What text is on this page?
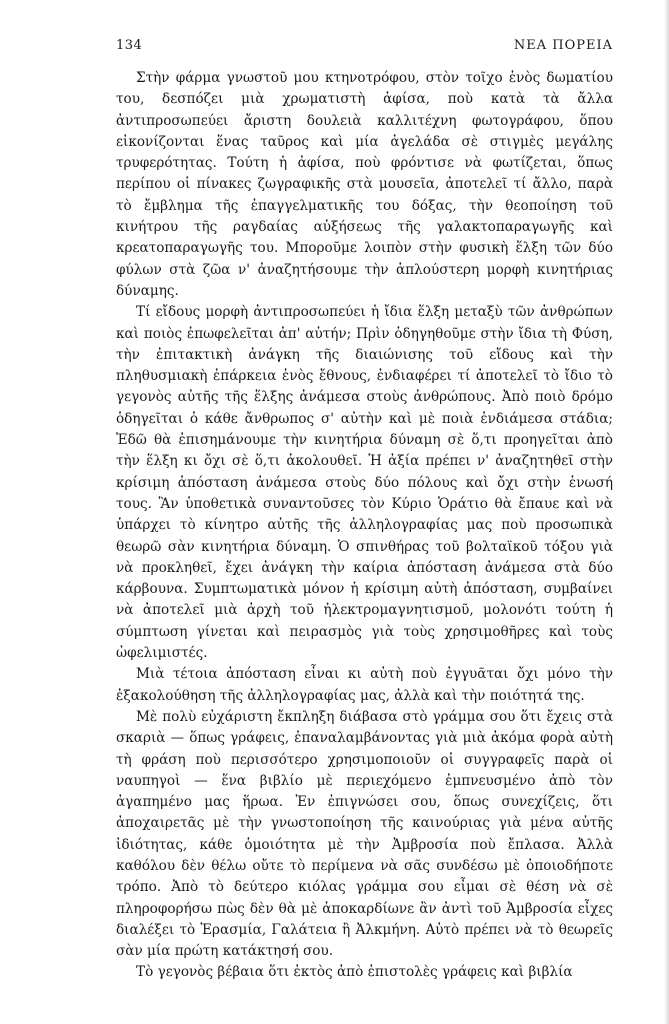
134	ΝΕΑ ΠΟΡΕΙΑ

Στὴν φάρμα γνωστοῦ μου κτηνοτρόφου, στὸν τοῖχο ἑνὸς δωματίου του, δεσπόζει μιὰ χρωματιστὴ ἀφίσα, ποὺ κατὰ τὰ ἄλλα ἀντιπροσωπεύει ἄριστη δουλειὰ καλλιτέχνη φωτογράφου, ὅπου εἰκονίζονται ἕνας ταῦρος καὶ μία ἀγελάδα σὲ στιγμὲς μεγάλης τρυφερότητας. Τούτη ἡ ἀφίσα, ποὺ φρόντισε νὰ φωτίζεται, ὅπως περίπου οἱ πίνακες ζωγραφικῆς στὰ μουσεῖα, ἀποτελεῖ τί ἄλλο, παρὰ τὸ ἔμβλημα τῆς ἐπαγγελματικῆς του δόξας, τὴν θεοποίηση τοῦ κινήτρου τῆς ραγδαίας αὐξήσεως τῆς γαλακτοπαραγωγῆς καὶ κρεατοπαραγωγῆς του. Μποροῦμε λοιπὸν στὴν φυσικὴ ἕλξη τῶν δύο φύλων στὰ ζῶα ν' ἀναζητήσουμε τὴν ἁπλούστερη μορφὴ κινητήριας δύναμης.

Τί εἴδους μορφὴ ἀντιπροσωπεύει ἡ ἴδια ἕλξη μεταξὺ τῶν ἀνθρώπων καὶ ποιὸς ἐπωφελεῖται ἀπ' αὐτήν; Πρὶν ὁδηγηθοῦμε στὴν ἴδια τὴ Φύση, τὴν ἐπιτακτικὴ ἀνάγκη τῆς διαιώνισης τοῦ εἴδους καὶ τὴν πληθυσμιακὴ ἐπάρκεια ἑνὸς ἔθνους, ἐνδιαφέρει τί ἀποτελεῖ τὸ ἴδιο τὸ γεγονὸς αὐτῆς τῆς ἕλξης ἀνάμεσα στοὺς ἀνθρώπους. Ἀπὸ ποιὸ δρόμο ὁδηγεῖται ὁ κάθε ἄνθρωπος σ' αὐτὴν καὶ μὲ ποιὰ ἐνδιάμεσα στάδια; Ἐδῶ θὰ ἐπισημάνουμε τὴν κινητήρια δύναμη σὲ ὅ,τι προηγεῖται ἀπὸ τὴν ἕλξη κι ὄχι σὲ ὅ,τι ἀκολουθεῖ. Ἡ ἀξία πρέπει ν' ἀναζητηθεῖ στὴν κρίσιμη ἀπόσταση ἀνάμεσα στοὺς δύο πόλους καὶ ὄχι στὴν ἑνωσή τους. Ἂν ὑποθετικὰ συναντοῦσες τὸν Κύριο Ὁράτιο θὰ ἔπαυε καὶ νὰ ὑπάρχει τὸ κίνητρο αὐτῆς τῆς ἀλληλογραφίας μας ποὺ προσωπικὰ θεωρῶ σὰν κινητήρια δύναμη. Ὁ σπινθήρας τοῦ βολταϊκοῦ τόξου γιὰ νὰ προκληθεῖ, ἔχει ἀνάγκη τὴν καίρια ἀπόσταση ἀνάμεσα στὰ δύο κάρβουνα. Συμπτωματικὰ μόνον ἡ κρίσιμη αὐτὴ ἀπόσταση, συμβαίνει νὰ ἀποτελεῖ μιὰ ἀρχὴ τοῦ ἠλεκτρομαγνητισμοῦ, μολονότι τούτη ἡ σύμπτωση γίνεται καὶ πειρασμὸς γιὰ τοὺς χρησιμοθῆρες καὶ τοὺς ὠφελιμιστές.

Μιὰ τέτοια ἀπόσταση εἶναι κι αὐτὴ ποὺ ἐγγυᾶται ὄχι μόνο τὴν ἐξακολούθηση τῆς ἀλληλογραφίας μας, ἀλλὰ καὶ τὴν ποιότητά της.

Μὲ πολὺ εὐχάριστη ἔκπληξη διάβασα στὸ γράμμα σου ὅτι ἔχεις στὰ σκαριὰ — ὅπως γράφεις, ἐπαναλαμβάνοντας γιὰ μιὰ ἀκόμα φορὰ αὐτὴ τὴ φράση ποὺ περισσότερο χρησιμοποιοῦν οἱ συγγραφεῖς παρὰ οἱ ναυπηγοὶ — ἕνα βιβλίο μὲ περιεχόμενο ἐμπνευσμένο ἀπὸ τὸν ἀγαπημένο μας ἥρωα. Ἐν ἐπιγνώσει σου, ὅπως συνεχίζεις, ὅτι ἀποχαιρετᾶς μὲ τὴν γνωστοποίηση τῆς καινούριας γιὰ μένα αὐτῆς ἰδιότητας, κάθε ὁμοιότητα μὲ τὴν Ἀμβροσία ποὺ ἔπλασα. Ἀλλὰ καθόλου δὲν θέλω οὔτε τὸ περίμενα νὰ σᾶς συνδέσω μὲ ὁποιοδήποτε τρόπο. Ἀπὸ τὸ δεύτερο κιόλας γράμμα σου εἶμαι σὲ θέση νὰ σὲ πληροφορήσω πὼς δὲν θὰ μὲ ἀποκαρδίωνε ἂν ἀντὶ τοῦ Ἀμβροσία εἶχες διαλέξει τὸ Ἐρασμία, Γαλάτεια ἢ Ἀλκμήνη. Αὐτὸ πρέπει νὰ τὸ θεωρεῖς σὰν μία πρώτη κατάκτησή σου.

Τὸ γεγονὸς βέβαια ὅτι ἐκτὸς ἀπὸ ἐπιστολὲς γράφεις καὶ βιβλία
